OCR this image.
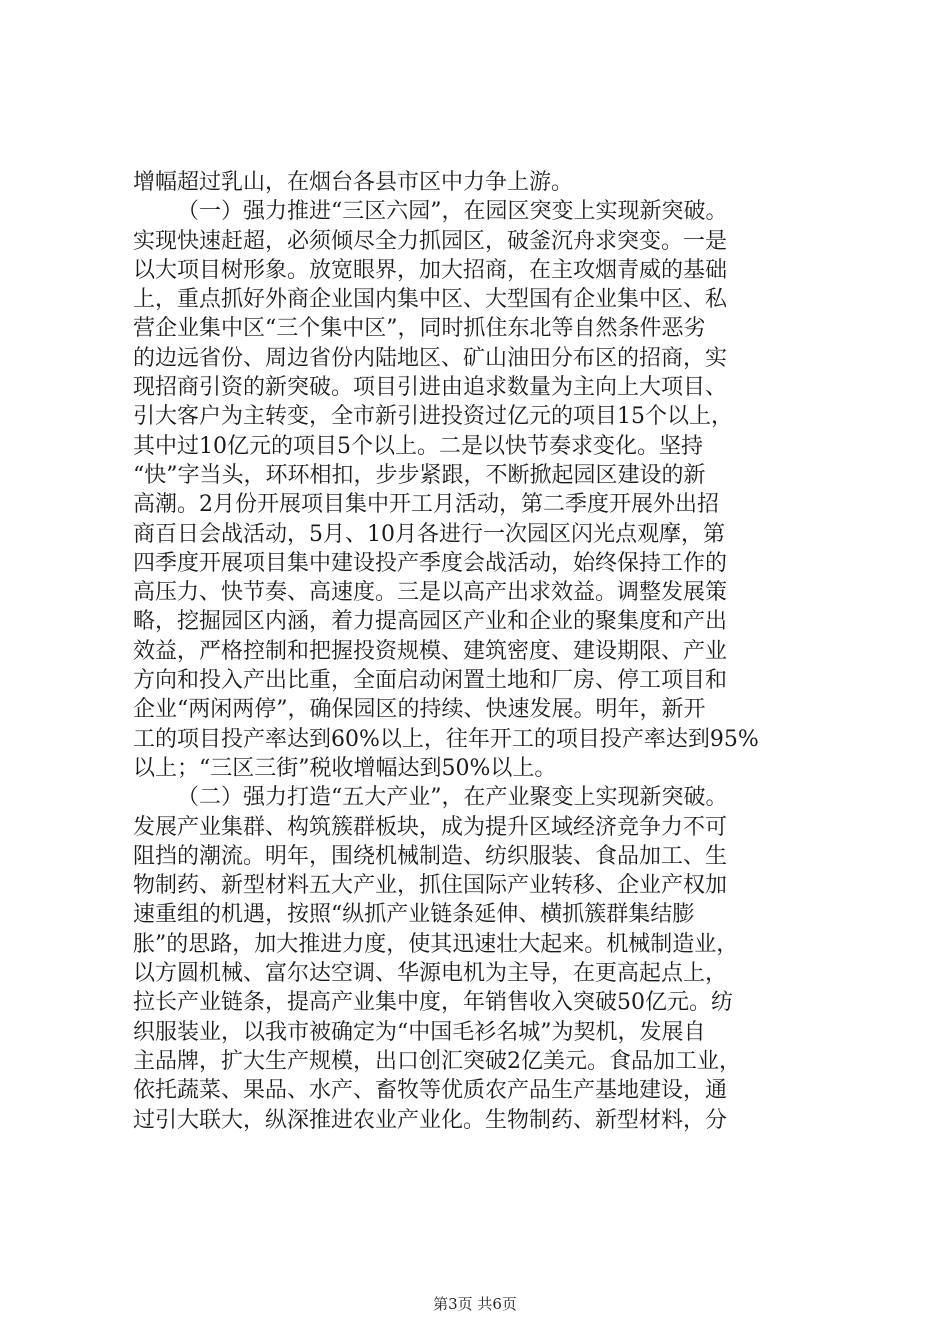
增幅超过乳山，在烟台各县市区中力争上游。
（一）强力推进“三区六园”，在园区突变上实现新突破。
实现快速赶超，必须倾尽全力抓园区，破釜沉舟求突变。一是
以大项目树形象。放宽眼界，加大招商，在主攻烟青威的基础
上，重点抓好外商企业国内集中区、大型国有企业集中区、私
营企业集中区“三个集中区”，同时抓住东北等自然条件恶劣
的边远省份、周边省份内陆地区、矿山油田分布区的招商，实
现招商引资的新突破。项目引进由追求数量为主向上大项目、
引大客户为主转变，全市新引进投资过亿元的项目15个以上，
其中过10亿元的项目5个以上。二是以快节奏求变化。坚持
“快”字当头，环环相扣，步步紧跟，不断掀起园区建设的新
高潮。2月份开展项目集中开工月活动，第二季度开展外出招
商百日会战活动，5月、10月各进行一次园区闪光点观摩，第
四季度开展项目集中建设投产季度会战活动，始终保持工作的
高压力、快节奏、高速度。三是以高产出求效益。调整发展策
略，挖掘园区内涵，着力提高园区产业和企业的聚集度和产出
效益，严格控制和把握投资规模、建筑密度、建设期限、产业
方向和投入产出比重，全面启动闲置土地和厂房、停工项目和
企业“两闲两停”，确保园区的持续、快速发展。明年，新开
工的项目投产率达到60%以上，往年开工的项目投产率达到95%
以上；“三区三街”税收增幅达到50%以上。
（二）强力打造“五大产业”，在产业聚变上实现新突破。
发展产业集群、构筑簇群板块，成为提升区域经济竞争力不可
阻挡的潮流。明年，围绕机械制造、纺织服装、食品加工、生
物制药、新型材料五大产业，抓住国际产业转移、企业产权加
速重组的机遇，按照“纵抓产业链条延伸、横抓簇群集结膨
胀”的思路，加大推进力度，使其迅速壮大起来。机械制造业，
以方圆机械、富尔达空调、华源电机为主导，在更高起点上，
拉长产业链条，提高产业集中度，年销售收入突破50亿元。纺
织服装业，以我市被确定为“中国毛衫名城”为契机，发展自
主品牌，扩大生产规模，出口创汇突破2亿美元。食品加工业，
依托蔬菜、果品、水产、畜牧等优质农产品生产基地建设，通
过引大联大，纵深推进农业产业化。生物制药、新型材料，分
第3页 共6页
